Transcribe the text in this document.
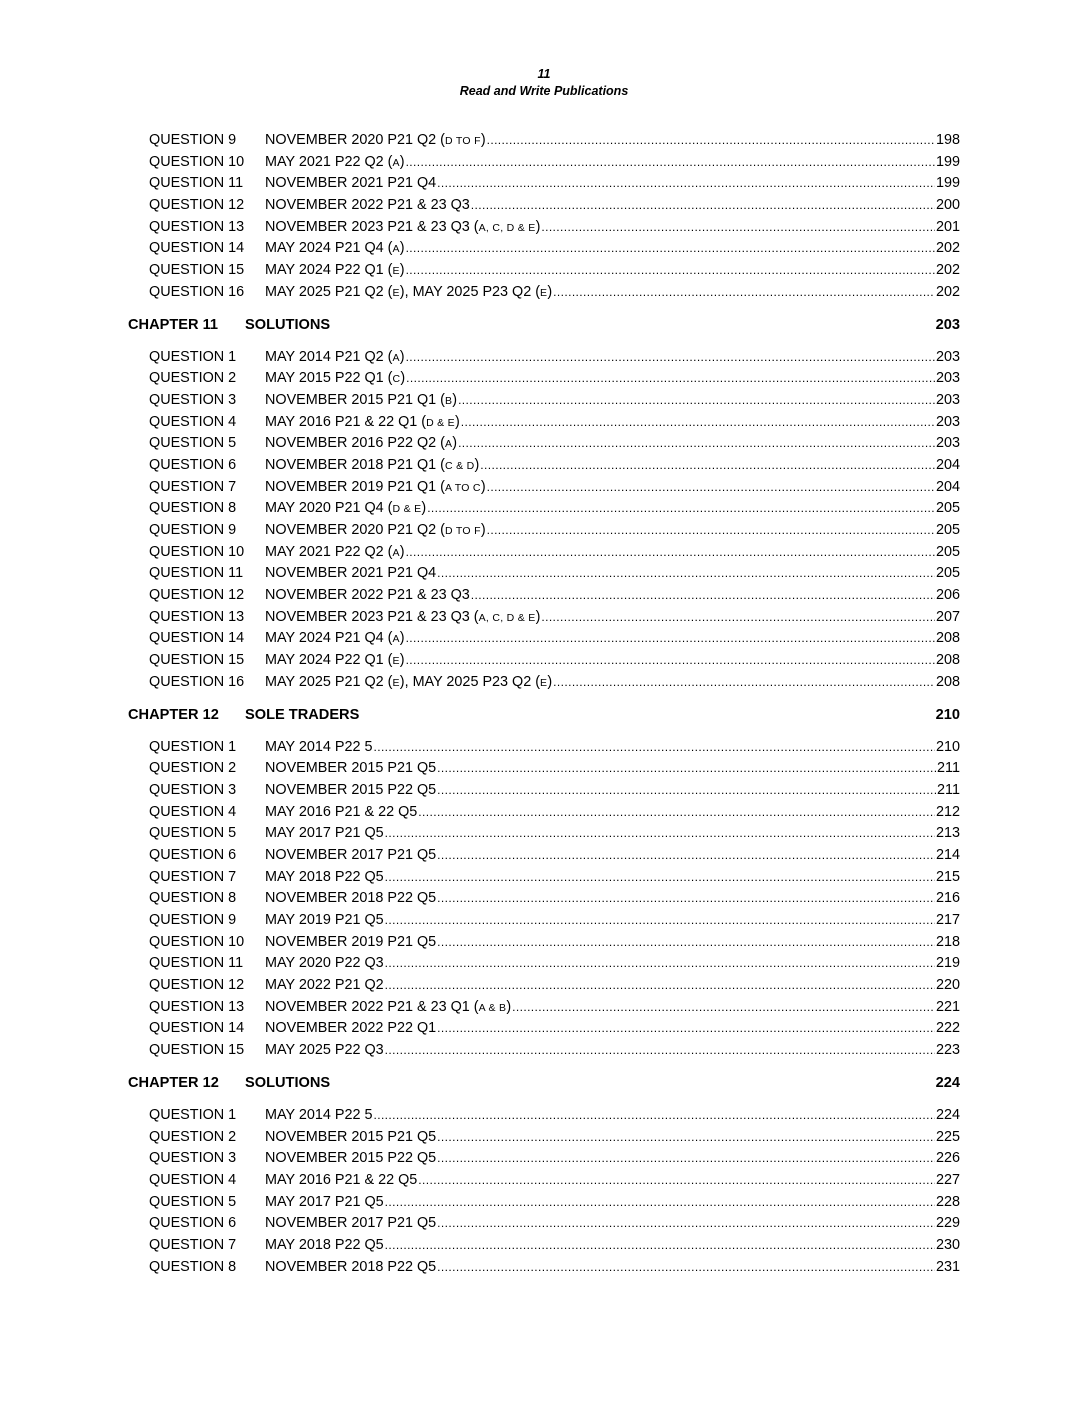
11
Read and Write Publications
QUESTION 9	NOVEMBER 2020 P21 Q2 (D TO F) .....	198
QUESTION 10	MAY 2021 P22 Q2 (A) .....	199
QUESTION 11	NOVEMBER 2021 P21 Q4 .....	199
QUESTION 12	NOVEMBER 2022 P21 & 23 Q3 .....	200
QUESTION 13	NOVEMBER 2023 P21 & 23 Q3 (A, C, D & E) .....	201
QUESTION 14	MAY 2024 P21 Q4 (A) .....	202
QUESTION 15	MAY 2024 P22 Q1 (E) .....	202
QUESTION 16	MAY 2025 P21 Q2 (E), MAY 2025 P23 Q2 (E) .....	202
CHAPTER 11	SOLUTIONS	203
QUESTION 1	MAY 2014 P21 Q2 (A) .....	203
QUESTION 2	MAY 2015 P22 Q1 (C) .....	203
QUESTION 3	NOVEMBER 2015 P21 Q1 (B) .....	203
QUESTION 4	MAY 2016 P21 & 22 Q1 (D & E) .....	203
QUESTION 5	NOVEMBER 2016 P22 Q2 (A) .....	203
QUESTION 6	NOVEMBER 2018 P21 Q1 (C & D) .....	204
QUESTION 7	NOVEMBER 2019 P21 Q1 (A TO C) .....	204
QUESTION 8	MAY 2020 P21 Q4 (D & E) .....	205
QUESTION 9	NOVEMBER 2020 P21 Q2 (D TO F) .....	205
QUESTION 10	MAY 2021 P22 Q2 (A) .....	205
QUESTION 11	NOVEMBER 2021 P21 Q4 .....	205
QUESTION 12	NOVEMBER 2022 P21 & 23 Q3 .....	206
QUESTION 13	NOVEMBER 2023 P21 & 23 Q3 (A, C, D & E) .....	207
QUESTION 14	MAY 2024 P21 Q4 (A) .....	208
QUESTION 15	MAY 2024 P22 Q1 (E) .....	208
QUESTION 16	MAY 2025 P21 Q2 (E), MAY 2025 P23 Q2 (E) .....	208
CHAPTER 12	SOLE TRADERS	210
QUESTION 1	MAY 2014 P22 5 .....	210
QUESTION 2	NOVEMBER 2015 P21 Q5 .....	211
QUESTION 3	NOVEMBER 2015 P22 Q5 .....	211
QUESTION 4	MAY 2016 P21 & 22 Q5 .....	212
QUESTION 5	MAY 2017 P21 Q5 .....	213
QUESTION 6	NOVEMBER 2017 P21 Q5 .....	214
QUESTION 7	MAY 2018 P22 Q5 .....	215
QUESTION 8	NOVEMBER 2018 P22 Q5 .....	216
QUESTION 9	MAY 2019 P21 Q5 .....	217
QUESTION 10	NOVEMBER 2019 P21 Q5 .....	218
QUESTION 11	MAY 2020 P22 Q3 .....	219
QUESTION 12	MAY 2022 P21 Q2 .....	220
QUESTION 13	NOVEMBER 2022 P21 & 23 Q1 (A & B) .....	221
QUESTION 14	NOVEMBER 2022 P22 Q1 .....	222
QUESTION 15	MAY 2025 P22 Q3 .....	223
CHAPTER 12	SOLUTIONS	224
QUESTION 1	MAY 2014 P22 5 .....	224
QUESTION 2	NOVEMBER 2015 P21 Q5 .....	225
QUESTION 3	NOVEMBER 2015 P22 Q5 .....	226
QUESTION 4	MAY 2016 P21 & 22 Q5 .....	227
QUESTION 5	MAY 2017 P21 Q5 .....	228
QUESTION 6	NOVEMBER 2017 P21 Q5 .....	229
QUESTION 7	MAY 2018 P22 Q5 .....	230
QUESTION 8	NOVEMBER 2018 P22 Q5 .....	231
